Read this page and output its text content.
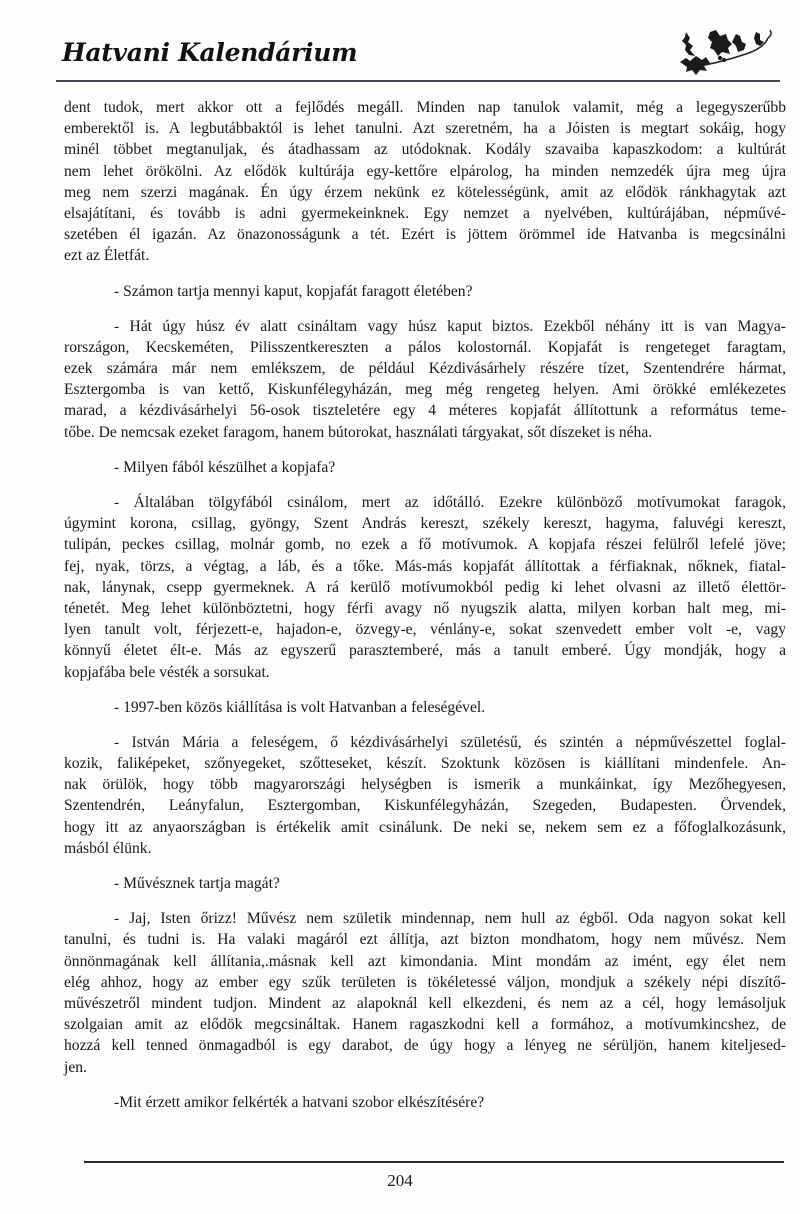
Hatvani Kalendárium
dent tudok, mert akkor ott a fejlődés megáll. Minden nap tanulok valamit, még a legegyszerűbb
emberektől is. A legbutábbaktól is lehet tanulni. Azt szeretném, ha a Jóisten is megtart sokáig, hogy
minél többet megtanuljak, és átadhassam az utódoknak. Kodály szavaiba kapaszkodom: a kultúrát
nem lehet örökölni. Az elődök kultúrája egy-kettőre elpárolog, ha minden nemzedék újra meg újra
meg nem szerzi magának. Én úgy érzem nekünk ez kötelességünk, amit az elődök ránkhagytak azt
elsajátítani, és tovább is adni gyermekeinknek. Egy nemzet a nyelvében, kultúrájában, népművé-
szetében él igazán. Az önazonosságunk a tét. Ezért is jöttem örömmel ide Hatvanba is megcsinálni
ezt az Életfát.
- Számon tartja mennyi kaput, kopjafát faragott életében?
- Hát úgy húsz év alatt csináltam vagy húsz kaput biztos. Ezekből néhány itt is van Magya-
rországon, Kecskeméten, Pilisszentkereszten a pálos kolostornál. Kopjafát is rengeteget faragtam,
ezek számára már nem emlékszem, de például Kézdivásárhely részére tízet, Szentendrére hármat,
Esztergomba is van kettő, Kiskunfélegyházán, meg még rengeteg helyen. Ami örökké emlékezetes
marad, a kézdivásárhelyi 56-osok tiszteletére egy 4 méteres kopjafát állítottunk a református teme-
tőbe. De nemcsak ezeket faragom, hanem bútorokat, használati tárgyakat, sőt díszeket is néha.
- Milyen fából készülhet a kopjafa?
- Általában tölgyfából csinálom, mert az időtálló. Ezekre különböző motívumokat faragok,
úgymint korona, csillag, gyöngy, Szent András kereszt, székely kereszt, hagyma, faluvégi kereszt,
tulipán, peckes csillag, molnár gomb, no ezek a fő motívumok. A kopjafa részei felülről lefelé jöve;
fej, nyak, törzs, a végtag, a láb, és a tőke. Más-más kopjafát állítottak a férfiaknak, nőknek, fiatal-
nak, lánynak, csepp gyermeknek. A rá kerülő motívumokból pedig ki lehet olvasni az illető élettör-
ténetét. Meg lehet különböztetni, hogy férfi avagy nő nyugszik alatta, milyen korban halt meg, mi-
lyen tanult volt, férjezett-e, hajadon-e, özvegy-e, vénlány-e, sokat szenvedett ember volt -e, vagy
könnyű életet élt-e. Más az egyszerű parasztemberé, más a tanult emberé. Úgy mondják, hogy a
kopjafába bele vésték a sorsukat.
- 1997-ben közös kiállítása is volt Hatvanban a feleségével.
- István Mária a feleségem, ő kézdivásárhelyi születésű, és szintén a népművészettel foglal-
kozik, faliképeket, szőnyegeket, szőtteseket, készít. Szoktunk közösen is kiállítani mindenfele. An-
nak örülök, hogy több magyarországi helységben is ismerik a munkáinkat, így Mezőhegyesen,
Szentendrén, Leányfalun, Esztergomban, Kiskunfélegyházán, Szegeden, Budapesten. Örvendek,
hogy itt az anyaországban is értékelik amit csinálunk. De neki se, nekem sem ez a főfoglalkozásunk,
másból élünk.
- Művésznek tartja magát?
- Jaj, Isten őrizz! Művész nem születik mindennap, nem hull az égből. Oda nagyon sokat kell
tanulni, és tudni is. Ha valaki magáról ezt állítja, azt bizton mondhatom, hogy nem művész. Nem
önnönmagának kell állítania,.másnak kell azt kimondania. Mint mondám az imént, egy élet nem
elég ahhoz, hogy az ember egy szűk területen is tökéletessé váljon, mondjuk a székely népi díszítő-
művészetről mindent tudjon. Mindent az alapoknál kell elkezdeni, és nem az a cél, hogy lemásoljuk
szolgaian amit az elődök megcsináltak. Hanem ragaszkodni kell a formához, a motívumkincshez, de
hozzá kell tenned önmagadból is egy darabot, de úgy hogy a lényeg ne sérüljön, hanem kiteljesed-
jen.
-Mit érzett amikor felkérték a hatvani szobor elkészítésére?
204
